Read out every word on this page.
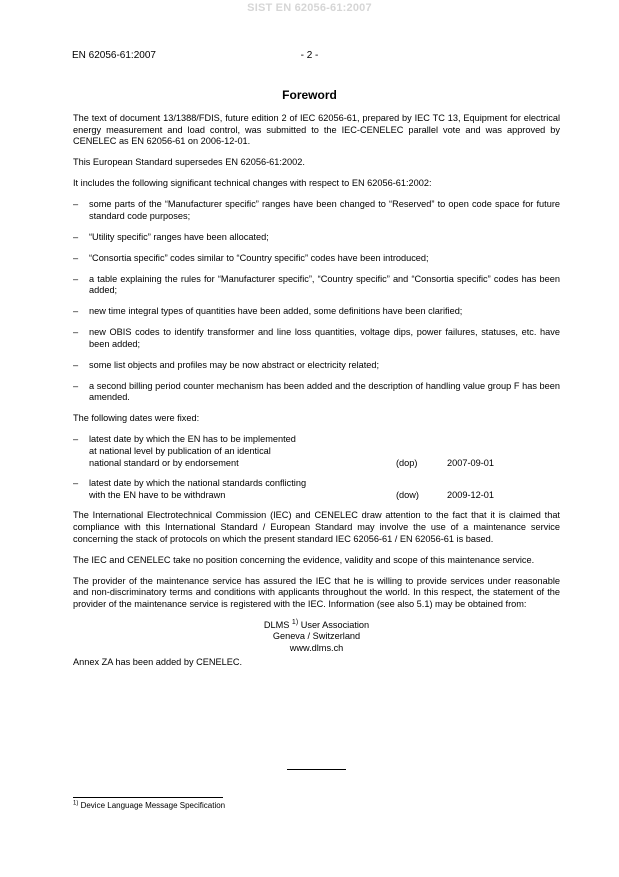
SIST EN 62056-61:2007
EN 62056-61:2007	- 2 -
Foreword

The text of document 13/1388/FDIS, future edition 2 of IEC 62056-61, prepared by IEC TC 13, Equipment for electrical energy measurement and load control, was submitted to the IEC-CENELEC parallel vote and was approved by CENELEC as EN 62056-61 on 2006-12-01.

This European Standard supersedes EN 62056-61:2002.

It includes the following significant technical changes with respect to EN 62056-61:2002:

– some parts of the “Manufacturer specific” ranges have been changed to “Reserved” to open code space for future standard code purposes;
– “Utility specific” ranges have been allocated;
– “Consortia specific” codes similar to “Country specific” codes have been introduced;
– a table explaining the rules for “Manufacturer specific”, “Country specific” and “Consortia specific” codes has been added;
– new time integral types of quantities have been added, some definitions have been clarified;
– new OBIS codes to identify transformer and line loss quantities, voltage dips, power failures, statuses, etc. have been added;
– some list objects and profiles may be now abstract or electricity related;
– a second billing period counter mechanism has been added and the description of handling value group F has been amended.

The following dates were fixed:

– latest date by which the EN has to be implemented
at national level by publication of an identical
national standard or by endorsement	(dop)	2007-09-01
– latest date by which the national standards conflicting
with the EN have to be withdrawn	(dow)	2009-12-01

The International Electrotechnical Commission (IEC) and CENELEC draw attention to the fact that it is claimed that compliance with this International Standard / European Standard may involve the use of a maintenance service concerning the stack of protocols on which the present standard IEC 62056-61 / EN 62056-61 is based.

The IEC and CENELEC take no position concerning the evidence, validity and scope of this maintenance service.

The provider of the maintenance service has assured the IEC that he is willing to provide services under reasonable and non-discriminatory terms and conditions with applicants throughout the world. In this respect, the statement of the provider of the maintenance service is registered with the IEC. Information (see also 5.1) may be obtained from:

DLMS $^{1)}$ User Association
Geneva / Switzerland
www.dlms.ch

Annex ZA has been added by CENELEC.

$^{1)}$ Device Language Message Specification
